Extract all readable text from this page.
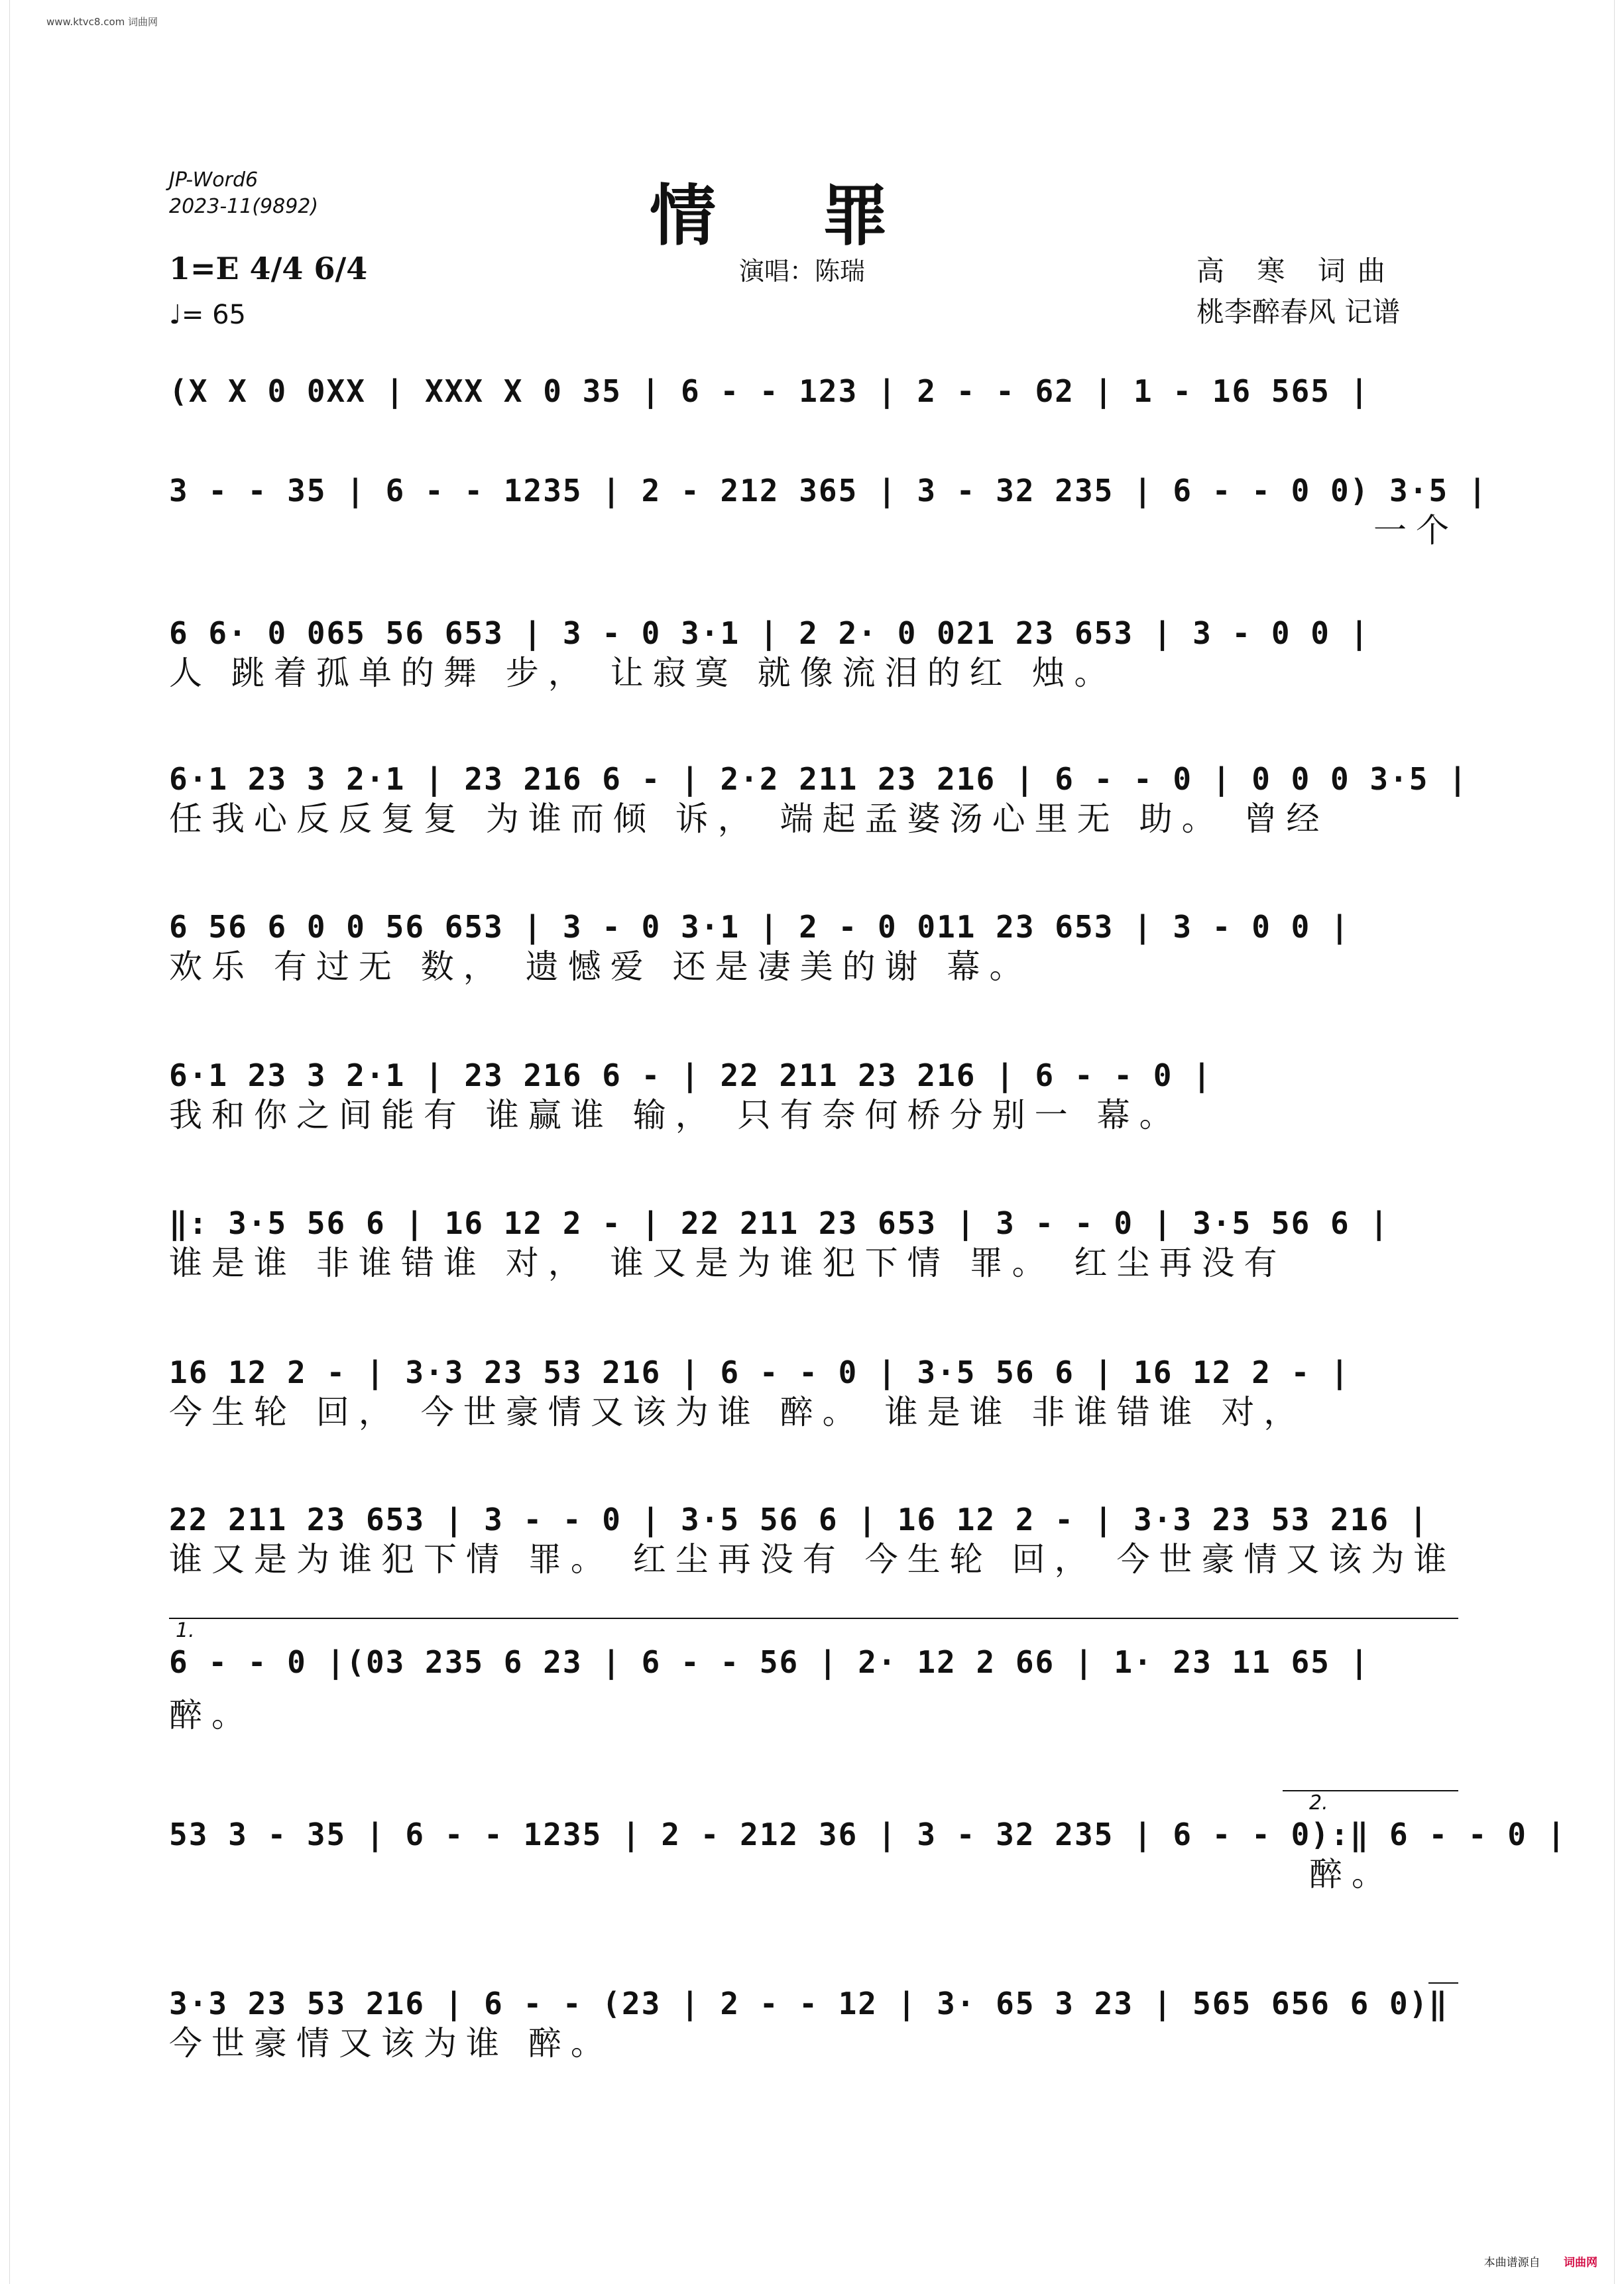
www.ktvc8.com 词曲网
JP-Word6
2023-11(9892)	情罪
1=E 4/4 6/4
♩= 65
演唱：陈瑞	高 寒 词曲
桃李醉春风 记谱
(X X 0 0XX | XXX X 0 35 | 6 - - 123 | 2 - - 62 | 1 - 16 565 |
3 - - 35 | 6 - - 1235 | 2 - 212 365 | 3 - 32 235 | 6 - - 0 0) 3·5 |
一个
6 6· 0 065 56 653 | 3 - 0 3·1 | 2 2· 0 021 23 653 | 3 - 0 0 |
人 跳着孤单的舞 步， 让寂寞 就像流泪的红 烛。
6·1 23 3 2·1 | 23 216 6 - | 2·2 211 23 216 | 6 - - 0 | 0 0 0 3·5 |
任我心反反复复 为谁而倾 诉， 端起孟婆汤心里无 助。 曾经
6 56 6 0 0 56 653 | 3 - 0 3·1 | 2 - 0 011 23 653 | 3 - 0 0 |
欢乐 有过无 数， 遗憾爱 还是凄美的谢 幕。
6·1 23 3 2·1 | 23 216 6 - | 22 211 23 216 | 6 - - 0 |
我和你之间能有 谁赢谁 输， 只有奈何桥分别一 幕。
‖: 3·5 56 6 | 16 12 2 - | 22 211 23 653 | 3 - - 0 | 3·5 56 6 |
谁是谁 非谁错谁 对， 谁又是为谁犯下情 罪。 红尘再没有
16 12 2 - | 3·3 23 53 216 | 6 - - 0 | 3·5 56 6 | 16 12 2 - |
今生轮 回， 今世豪情又该为谁 醉。 谁是谁 非谁错谁 对，
22 211 23 653 | 3 - - 0 | 3·5 56 6 | 16 12 2 - | 3·3 23 53 216 |
谁又是为谁犯下情 罪。 红尘再没有 今生轮 回， 今世豪情又该为谁
1.
6 - - 0 |(03 235 6 23 | 6 - - 56 | 2· 12 2 66 | 1· 23 11 65 |
醉。
2.
53 3 - 35 | 6 - - 1235 | 2 - 212 36 | 3 - 32 235 | 6 - - 0):‖ 6 - - 0 |
醉。
3·3 23 53 216 | 6 - - (23 | 2 - - 12 | 3· 65 3 23 | 565 656 6 0)‖
今世豪情又该为谁 醉。
本曲谱源自 词曲网
